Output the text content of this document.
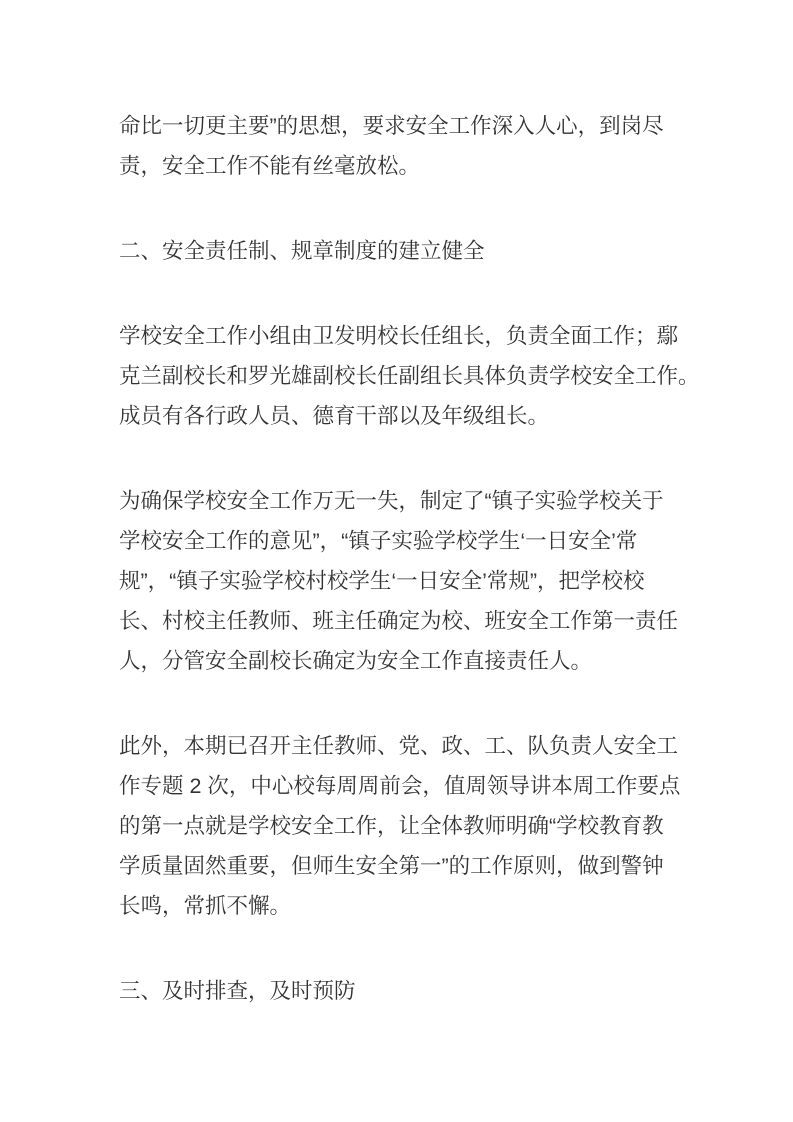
命比一切更主要”的思想，要求安全工作深入人心，到岗尽
责，安全工作不能有丝毫放松。
二、安全责任制、规章制度的建立健全
学校安全工作小组由卫发明校长任组长，负责全面工作；鄢
克兰副校长和罗光雄副校长任副组长具体负责学校安全工作。
成员有各行政人员、德育干部以及年级组长。
为确保学校安全工作万无一失，制定了“镇子实验学校关于
学校安全工作的意见”，“镇子实验学校学生‘一日安全’常
规”，“镇子实验学校村校学生‘一日安全’常规”，把学校校
长、村校主任教师、班主任确定为校、班安全工作第一责任
人，分管安全副校长确定为安全工作直接责任人。
此外，本期已召开主任教师、党、政、工、队负责人安全工
作专题 2 次，中心校每周周前会，值周领导讲本周工作要点
的第一点就是学校安全工作，让全体教师明确“学校教育教
学质量固然重要，但师生安全第一”的工作原则，做到警钟
长鸣，常抓不懈。
三、及时排查，及时预防
